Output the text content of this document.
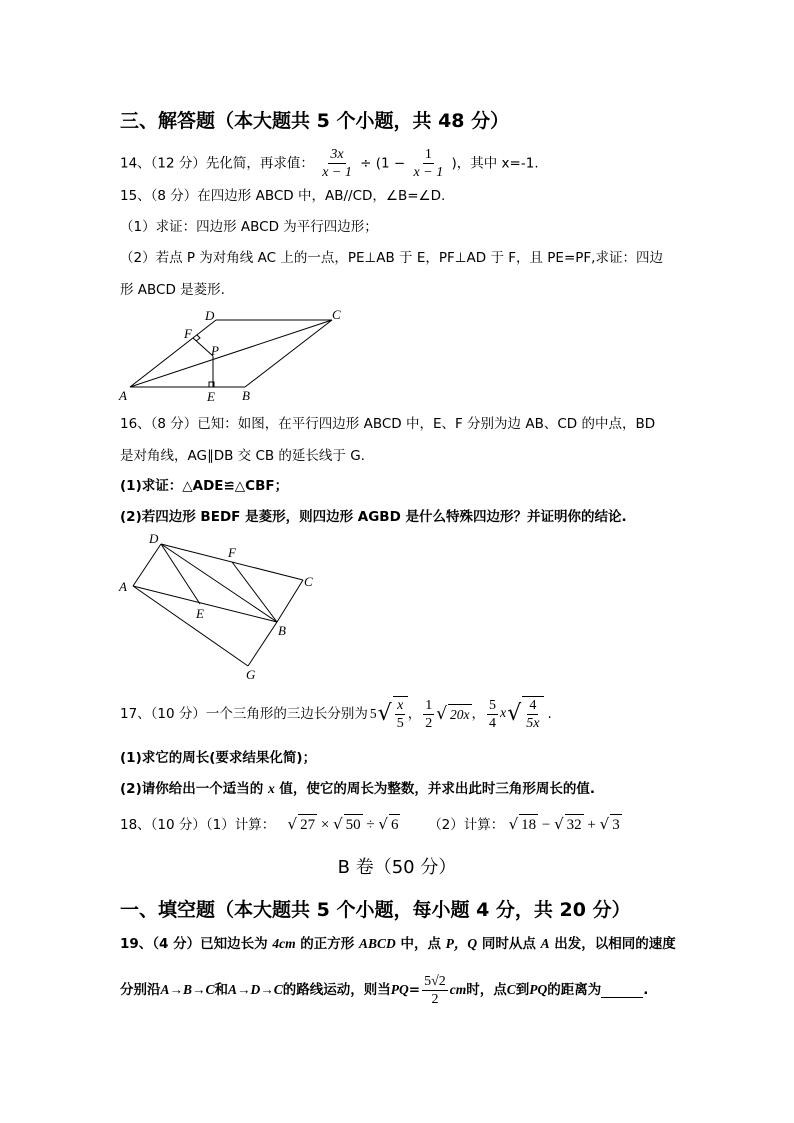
三、解答题（本大题共 5 个小题，共 48 分）
14、（12 分）先化简，再求值： $\frac{3x}{x - 1} \div (1 - \frac{1}{x - 1}$ )，其中 x=-1.
15、（8 分）在四边形 ABCD 中，AB//CD，∠B=∠D.
（1）求证：四边形 ABCD 为平行四边形；
（2）若点 P 为对角线 AC 上的一点，PE⊥AB 于 E，PF⊥AD 于 F，且 PE=PF,求证：四边
形 ABCD 是菱形.
A	B
C
D
E
F
P
16、（8 分）已知：如图，在平行四边形 ABCD 中，E、F 分别为边 AB、CD 的中点，BD
是对角线，AG∥DB 交 CB 的延长线于 G.
(1)求证：△ADE≌△CBF；
(2)若四边形 BEDF 是菱形，则四边形 AGBD 是什么特殊四边形？并证明你的结论.
A
B
C
D
E
F
G
17、（10 分）一个三角形的三边长分别为 5 √ $\frac{x}{5}$ ， $\frac{1}{2}$ √ 20x ， $\frac{5}{4}$ x √ $\frac{4}{5x}$ .
(1)求它的周长(要求结果化简)；
(2)请你给出一个适当的 x 值，使它的周长为整数，并求出此时三角形周长的值.
18、（10 分）（1）计算： √ 27 × √ 50 ÷ √ 6 （2）计算： √ 18 − √ 32 + √ 3
B 卷（50 分）
一、填空题（本大题共 5 个小题，每小题 4 分，共 20 分）
19、（4 分）已知边长为 4cm 的正方形 ABCD 中，点 P，Q 同时从点 A 出发，以相同的速度
分别沿 A→B→C 和 A→D→C 的路线运动，则当 PQ = $\frac{5√2}{2}$ cm 时，点 C 到 PQ 的距离为	.
